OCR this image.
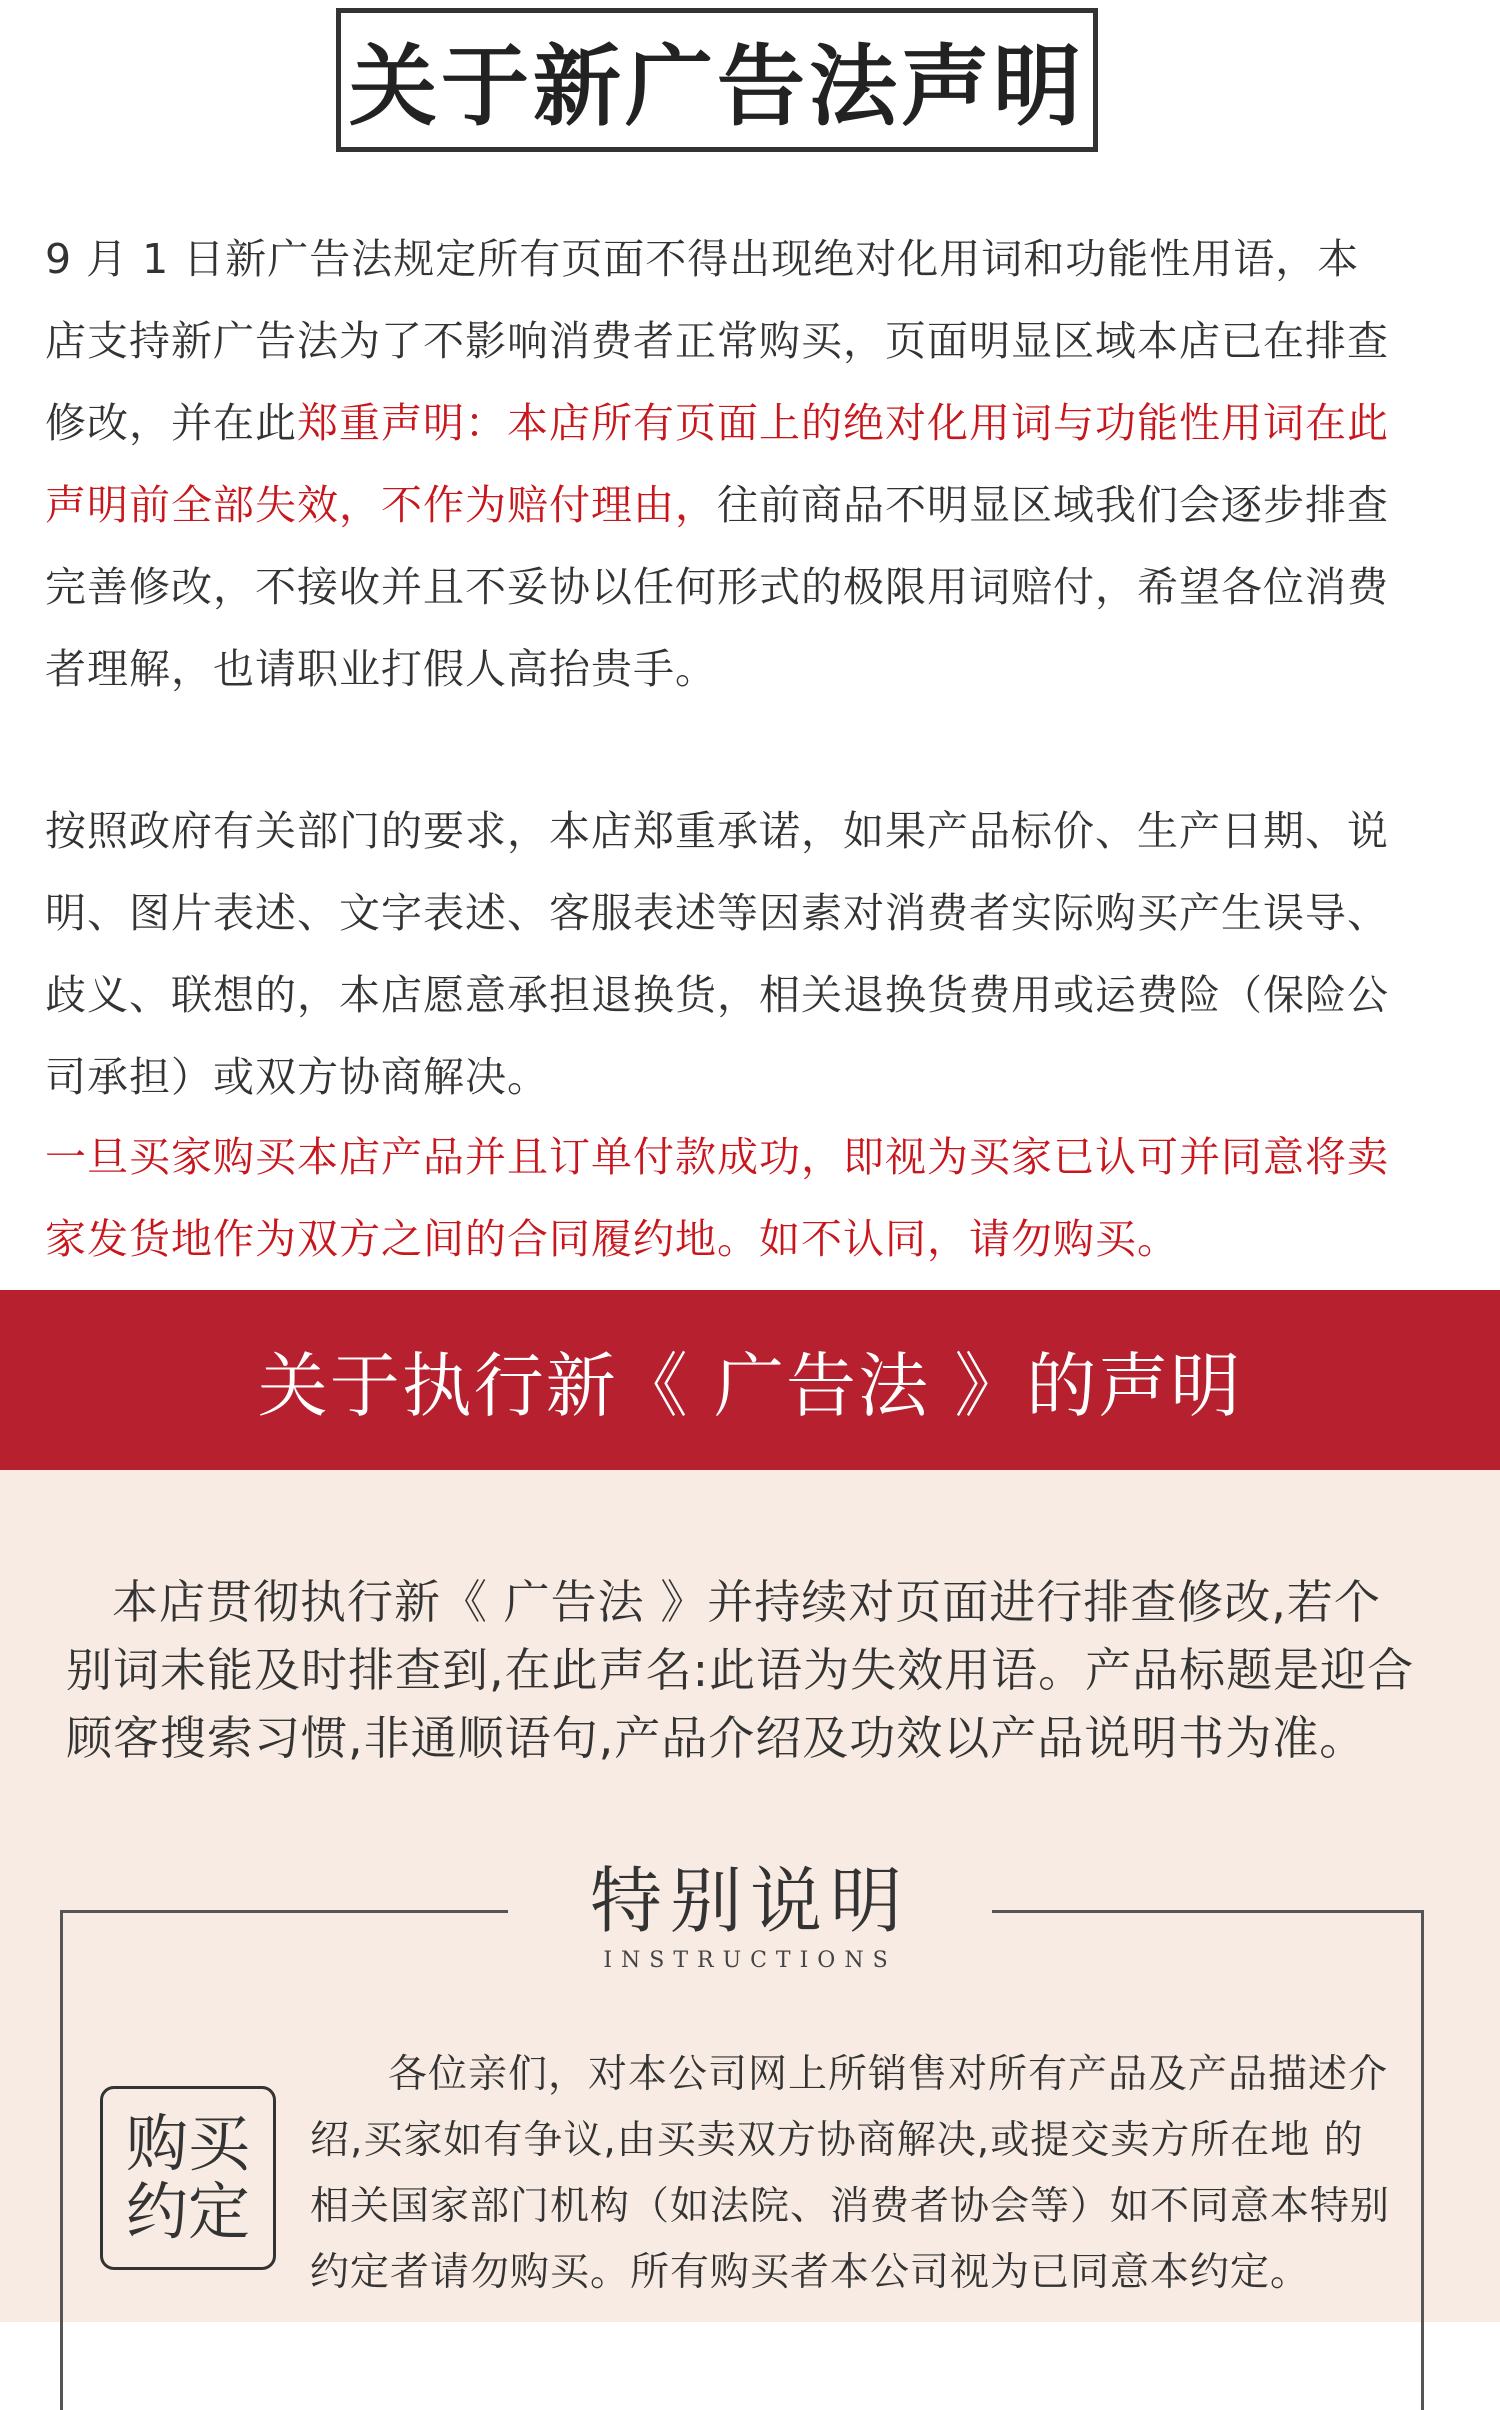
关于新广告法声明
9 月 1 日新广告法规定所有页面不得出现绝对化用词和功能性用语，本店支持新广告法为了不影响消费者正常购买，页面明显区域本店已在排查修改，并在此郑重声明：本店所有页面上的绝对化用词与功能性用词在此声明前全部失效，不作为赔付理由，往前商品不明显区域我们会逐步排查完善修改，不接收并且不妥协以任何形式的极限用词赔付，希望各位消费者理解，也请职业打假人高抬贵手。
按照政府有关部门的要求，本店郑重承诺，如果产品标价、生产日期、说明、图片表述、文字表述、客服表述等因素对消费者实际购买产生误导、歧义、联想的，本店愿意承担退换货，相关退换货费用或运费险（保险公司承担）或双方协商解决。
一旦买家购买本店产品并且订单付款成功，即视为买家已认可并同意将卖家发货地作为双方之间的合同履约地。如不认同，请勿购买。
关于执行新《 广告法 》的声明
本店贯彻执行新《 广告法 》并持续对页面进行排查修改,若个别词未能及时排查到,在此声名:此语为失效用语。产品标题是迎合顾客搜索习惯,非通顺语句,产品介绍及功效以产品说明书为准。
特别说明
INSTRUCTIONS
购买
约定
各位亲们，对本公司网上所销售对所有产品及产品描述介绍,买家如有争议,由买卖双方协商解决,或提交卖方所在地 的相关国家部门机构（如法院、消费者协会等）如不同意本特别约定者请勿购买。所有购买者本公司视为已同意本约定。
